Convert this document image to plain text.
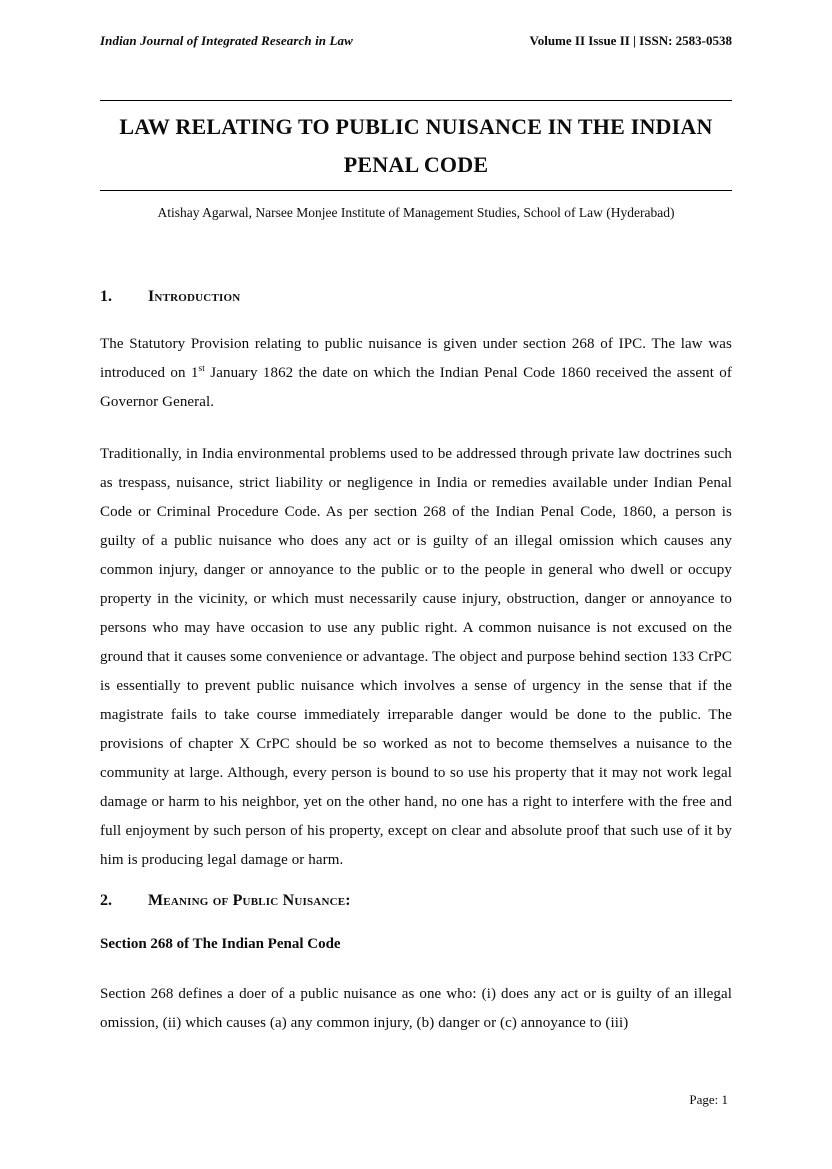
Indian Journal of Integrated Research in Law	Volume II Issue II | ISSN: 2583-0538
LAW RELATING TO PUBLIC NUISANCE IN THE INDIAN
PENAL CODE
Atishay Agarwal, Narsee Monjee Institute of Management Studies, School of Law (Hyderabad)
1.	Introduction

The Statutory Provision relating to public nuisance is given under section 268 of IPC. The law was introduced on 1st January 1862 the date on which the Indian Penal Code 1860 received the assent of Governor General.

Traditionally, in India environmental problems used to be addressed through private law doctrines such as trespass, nuisance, strict liability or negligence in India or remedies available under Indian Penal Code or Criminal Procedure Code. As per section 268 of the Indian Penal Code, 1860, a person is guilty of a public nuisance who does any act or is guilty of an illegal omission which causes any common injury, danger or annoyance to the public or to the people in general who dwell or occupy property in the vicinity, or which must necessarily cause injury, obstruction, danger or annoyance to persons who may have occasion to use any public right. A common nuisance is not excused on the ground that it causes some convenience or advantage. The object and purpose behind section 133 CrPC is essentially to prevent public nuisance which involves a sense of urgency in the sense that if the magistrate fails to take course immediately irreparable danger would be done to the public. The provisions of chapter X CrPC should be so worked as not to become themselves a nuisance to the community at large. Although, every person is bound to so use his property that it may not work legal damage or harm to his neighbor, yet on the other hand, no one has a right to interfere with the free and full enjoyment by such person of his property, except on clear and absolute proof that such use of it by him is producing legal damage or harm.

2.	Meaning of Public Nuisance:
Section 268 of The Indian Penal Code

Section 268 defines a doer of a public nuisance as one who: (i) does any act or is guilty of an illegal omission, (ii) which causes (a) any common injury, (b) danger or (c) annoyance to (iii)

Page: 1
